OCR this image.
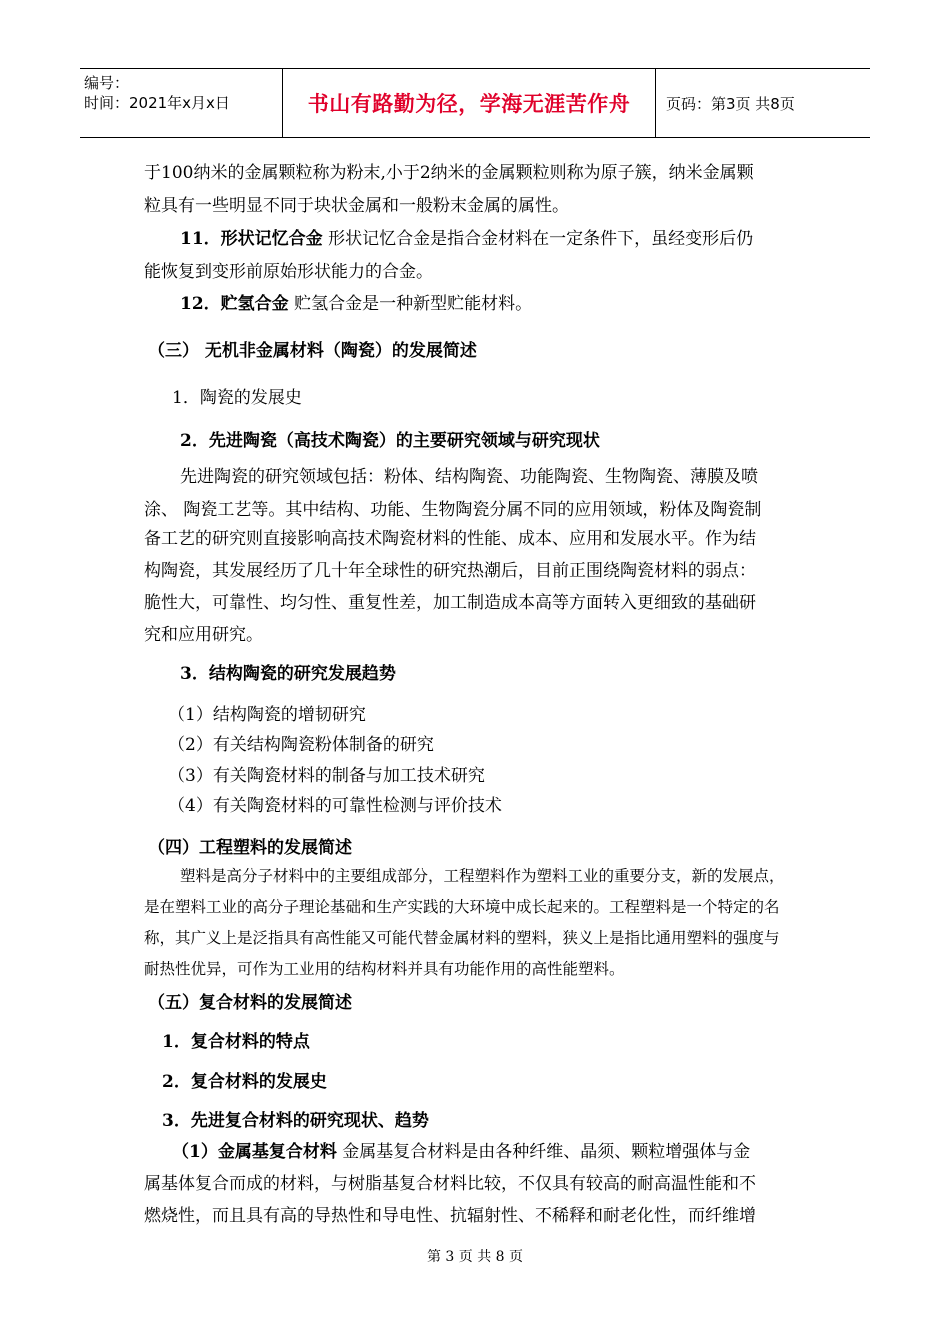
编号：
时间：2021年x月x日	书山有路勤为径，学海无涯苦作舟	页码：第3页 共8页
于100纳米的金属颗粒称为粉末,小于2纳米的金属颗粒则称为原子簇，纳米金属颗
粒具有一些明显不同于块状金属和一般粉末金属的属性。
11．形状记忆合金 形状记忆合金是指合金材料在一定条件下，虽经变形后仍
能恢复到变形前原始形状能力的合金。
12．贮氢合金 贮氢合金是一种新型贮能材料。
（三） 无机非金属材料（陶瓷）的发展简述
1．陶瓷的发展史
2．先进陶瓷（高技术陶瓷）的主要研究领域与研究现状
先进陶瓷的研究领域包括：粉体、结构陶瓷、功能陶瓷、生物陶瓷、薄膜及喷
涂、 陶瓷工艺等。其中结构、功能、生物陶瓷分属不同的应用领域，粉体及陶瓷制
备工艺的研究则直接影响高技术陶瓷材料的性能、成本、应用和发展水平。作为结
构陶瓷，其发展经历了几十年全球性的研究热潮后，目前正围绕陶瓷材料的弱点：
脆性大，可靠性、均匀性、重复性差，加工制造成本高等方面转入更细致的基础研
究和应用研究。
3．结构陶瓷的研究发展趋势
（1）结构陶瓷的增韧研究
（2）有关结构陶瓷粉体制备的研究
（3）有关陶瓷材料的制备与加工技术研究
（4）有关陶瓷材料的可靠性检测与评价技术
（四）工程塑料的发展简述
塑料是高分子材料中的主要组成部分，工程塑料作为塑料工业的重要分支，新的发展点，
是在塑料工业的高分子理论基础和生产实践的大环境中成长起来的。工程塑料是一个特定的名
称，其广义上是泛指具有高性能又可能代替金属材料的塑料，狭义上是指比通用塑料的强度与
耐热性优异，可作为工业用的结构材料并具有功能作用的高性能塑料。
（五）复合材料的发展简述
1．复合材料的特点
2．复合材料的发展史
3．先进复合材料的研究现状、趋势
（1）金属基复合材料 金属基复合材料是由各种纤维、晶须、颗粒增强体与金
属基体复合而成的材料，与树脂基复合材料比较，不仅具有较高的耐高温性能和不
燃烧性，而且具有高的导热性和导电性、抗辐射性、不稀释和耐老化性，而纤维增
第 3 页 共 8 页
